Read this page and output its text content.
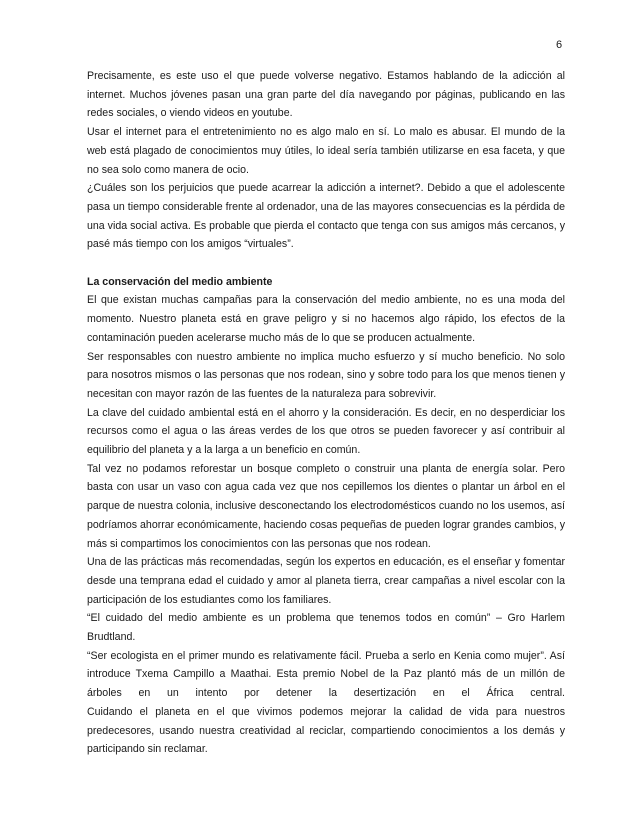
6

Precisamente, es este uso el que puede volverse negativo. Estamos hablando de la adicción al internet. Muchos jóvenes pasan una gran parte del día navegando por páginas, publicando en las redes sociales, o viendo videos en youtube.

Usar el internet para el entretenimiento no es algo malo en sí. Lo malo es abusar. El mundo de la web está plagado de conocimientos muy útiles, lo ideal sería también utilizarse en esa faceta, y que no sea solo como manera de ocio.

¿Cuáles son los perjuicios que puede acarrear la adicción a internet?. Debido a que el adolescente pasa un tiempo considerable frente al ordenador, una de las mayores consecuencias es la pérdida de una vida social activa. Es probable que pierda el contacto que tenga con sus amigos más cercanos, y pasé más tiempo con los amigos “virtuales”.

La conservación del medio ambiente

El que existan muchas campañas para la conservación del medio ambiente, no es una moda del momento. Nuestro planeta está en grave peligro y si no hacemos algo rápido, los efectos de la contaminación pueden acelerarse mucho más de lo que se producen actualmente.

Ser responsables con nuestro ambiente no implica mucho esfuerzo y sí mucho beneficio. No solo para nosotros mismos o las personas que nos rodean, sino y sobre todo para los que menos tienen y necesitan con mayor razón de las fuentes de la naturaleza para sobrevivir.

La clave del cuidado ambiental está en el ahorro y la consideración. Es decir, en no desperdiciar los recursos como el agua o las áreas verdes de los que otros se pueden favorecer y así contribuir al equilibrio del planeta y a la larga a un beneficio en común.

Tal vez no podamos reforestar un bosque completo o construir una planta de energía solar. Pero basta con usar un vaso con agua cada vez que nos cepillemos los dientes o plantar un árbol en el parque de nuestra colonia, inclusive desconectando los electrodomésticos cuando no los usemos, así podríamos ahorrar económicamente, haciendo cosas pequeñas de pueden lograr grandes cambios, y más si compartimos los conocimientos con las personas que nos rodean.

Una de las prácticas más recomendadas, según los expertos en educación, es el enseñar y fomentar desde una temprana edad el cuidado y amor al planeta tierra, crear campañas a nivel escolar con la participación de los estudiantes como los familiares.

“El cuidado del medio ambiente es un problema que tenemos todos en común” – Gro Harlem Brudtland.

“Ser ecologista en el primer mundo es relativamente fácil. Prueba a serlo en Kenia como mujer”. Así introduce Txema Campillo a Maathai. Esta premio Nobel de la Paz plantó más de un millón de árboles en un intento por detener la desertización en el África central.

Cuidando el planeta en el que vivimos podemos mejorar la calidad de vida para nuestros predecesores, usando nuestra creatividad al reciclar, compartiendo conocimientos a los demás y participando sin reclamar.
